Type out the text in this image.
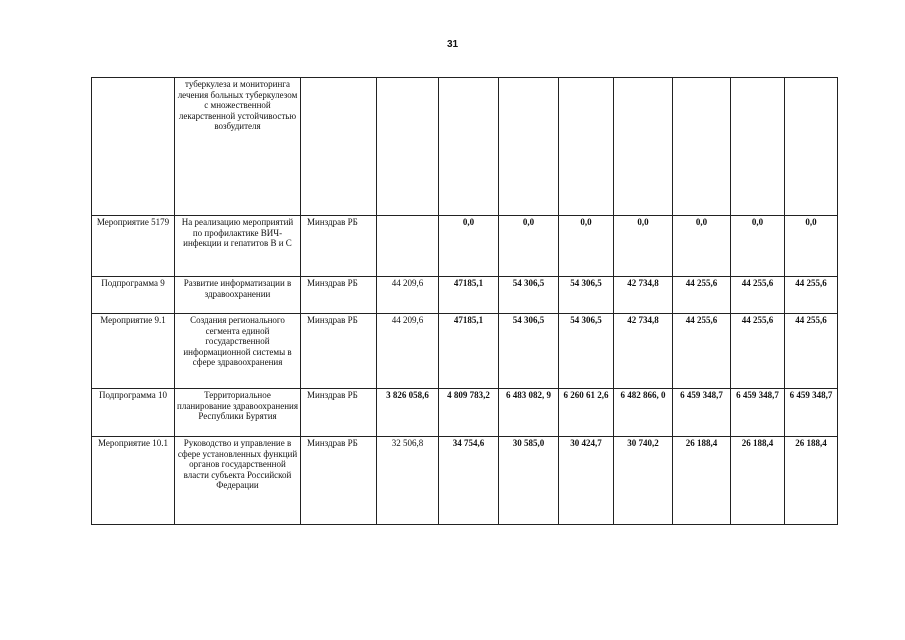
31
	туберкулеза и мониторинга лечения больных туберкулезом с множественной лекарственной устойчивостью возбудителя									
Мероприятие 5179	На реализацию мероприятий по профилактике ВИЧ-инфекции и гепатитов В и С	Минздрав РБ		0,0	0,0	0,0	0,0	0,0	0,0	0,0
Подпрограмма 9	Развитие информатизации в здравоохранении	Минздрав РБ	44 209,6	47185,1	54 306,5	54 306,5	42 734,8	44 255,6	44 255,6	44 255,6
Мероприятие 9.1	Создания регионального сегмента единой государственной информационной системы в сфере здравоохранения	Минздрав РБ	44 209,6	47185,1	54 306,5	54 306,5	42 734,8	44 255,6	44 255,6	44 255,6
Подпрограмма 10	Территориальное планирование здравоохранения Республики Бурятия	Минздрав РБ	3 826 058,6	4 809 783,2	6 483 082, 9	6 260 61 2,6	6 482 866, 0	6 459 348,7	6 459 348,7	6 459 348,7
Мероприятие 10.1	Руководство и управление в сфере установленных функций органов государственной власти субъекта Российской Федерации	Минздрав РБ	32 506,8	34 754,6	30 585,0	30 424,7	30 740,2	26 188,4	26 188,4	26 188,4
